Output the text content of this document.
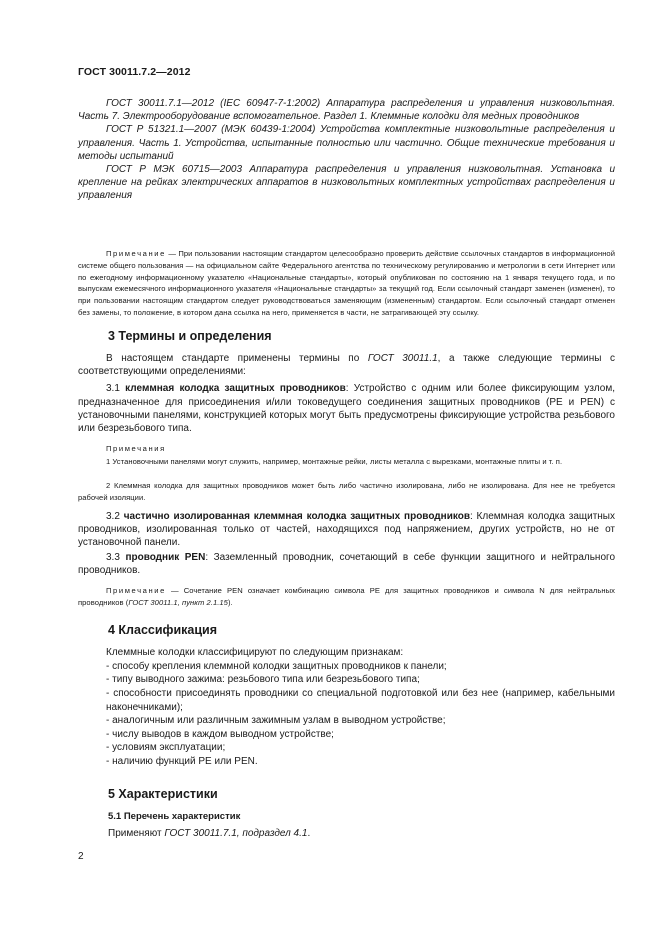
ГОСТ 30011.7.2—2012

ГОСТ 30011.7.1—2012 (IEC 60947-7-1:2002) Аппаратура распределения и управления низковольтная. Часть 7. Электрооборудование вспомогательное. Раздел 1. Клеммные колодки для медных проводников

ГОСТ Р 51321.1—2007 (МЭК 60439-1:2004) Устройства комплектные низковольтные распределения и управления. Часть 1. Устройства, испытанные полностью или частично. Общие технические требования и методы испытаний

ГОСТ Р МЭК 60715—2003 Аппаратура распределения и управления низковольтная. Установка и крепление на рейках электрических аппаратов в низковольтных комплектных устройствах распределения и управления

Примечание — При пользовании настоящим стандартом целесообразно проверить действие ссылочных стандартов в информационной системе общего пользования — на официальном сайте Федерального агентства по техническому регулированию и метрологии в сети Интернет или по ежегодному информационному указателю «Национальные стандарты», который опубликован по состоянию на 1 января текущего года, и по выпускам ежемесячного информационного указателя «Национальные стандарты» за текущий год. Если ссылочный стандарт заменен (изменен), то при пользовании настоящим стандартом следует руководствоваться заменяющим (измененным) стандартом. Если ссылочный стандарт отменен без замены, то положение, в котором дана ссылка на него, применяется в части, не затрагивающей эту ссылку.

3 Термины и определения

В настоящем стандарте применены термины по ГОСТ 30011.1, а также следующие термины с соответствующими определениями:

3.1 клеммная колодка защитных проводников: Устройство с одним или более фиксирующим узлом, предназначенное для присоединения и/или токоведущего соединения защитных проводников (PE и PEN) с установочными панелями, конструкцией которых могут быть предусмотрены фиксирующие устройства резьбового или безрезьбового типа.

Примечания

1 Установочными панелями могут служить, например, монтажные рейки, листы металла с вырезками, монтажные плиты и т. п.

2 Клеммная колодка для защитных проводников может быть либо частично изолирована, либо не изолирована. Для нее не требуется рабочей изоляции.

3.2 частично изолированная клеммная колодка защитных проводников: Клеммная колодка защитных проводников, изолированная только от частей, находящихся под напряжением, других устройств, но не от установочной панели.

3.3 проводник PEN: Заземленный проводник, сочетающий в себе функции защитного и нейтрального проводников.

Примечание — Сочетание PEN означает комбинацию символа PE для защитных проводников и символа N для нейтральных проводников (ГОСТ 30011.1, пункт 2.1.15).

4 Классификация

Клеммные колодки классифицируют по следующим признакам:

- способу крепления клеммной колодки защитных проводников к панели;

- типу выводного зажима: резьбового типа или безрезьбового типа;

- способности присоединять проводники со специальной подготовкой или без нее (например, кабельными наконечниками);

- аналогичным или различным зажимным узлам в выводном устройстве;

- числу выводов в каждом выводном устройстве;

- условиям эксплуатации;

- наличию функций PE или PEN.

5 Характеристики
5.1 Перечень характеристик

Применяют ГОСТ 30011.7.1, подраздел 4.1.

2
